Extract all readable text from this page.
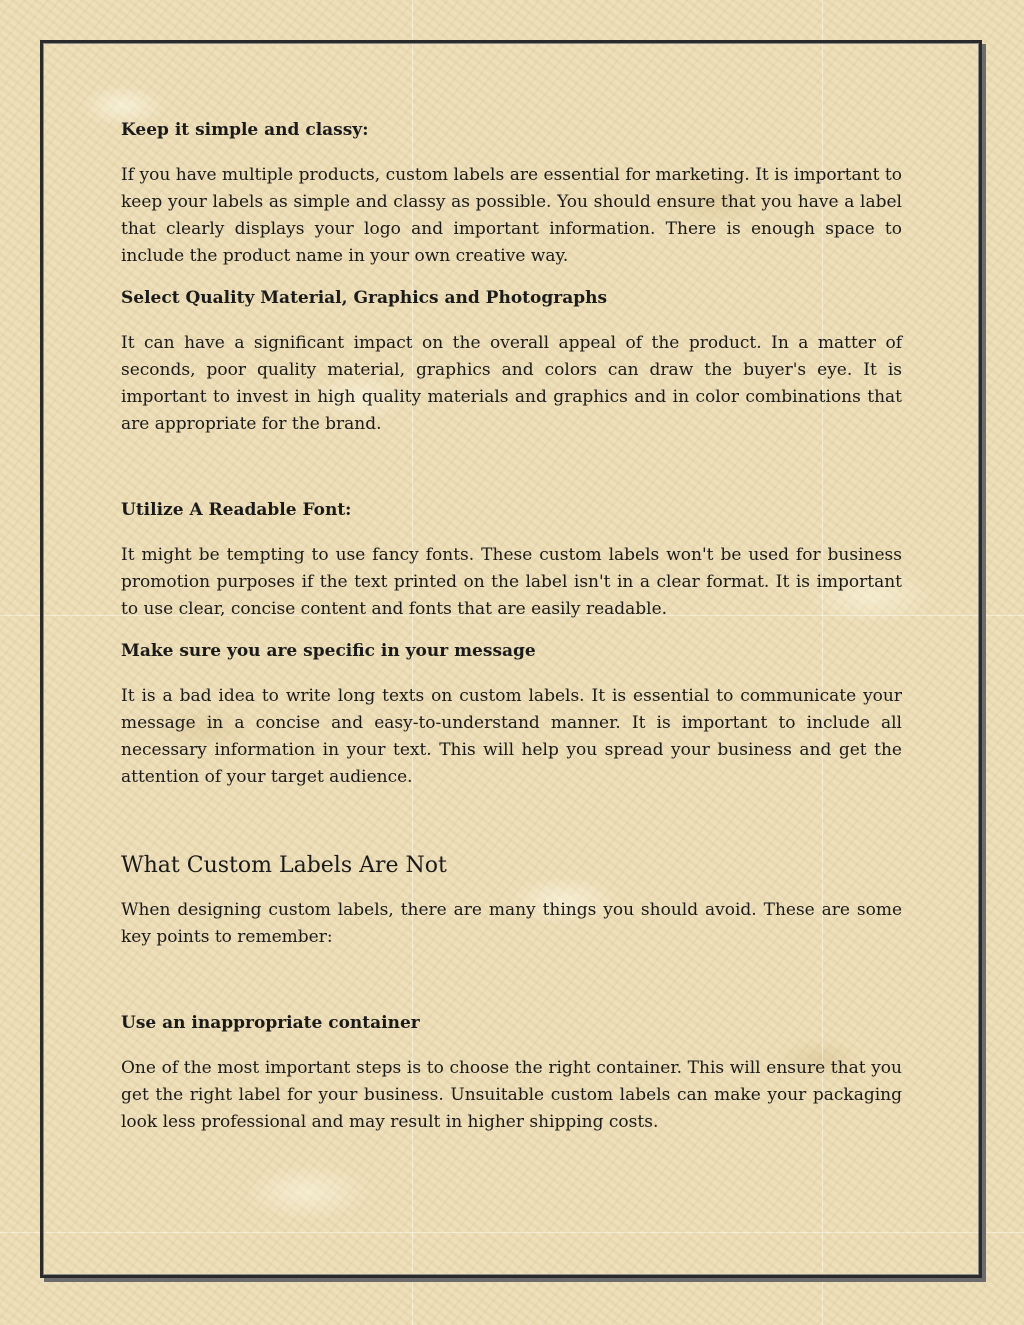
Keep it simple and classy:

If you have multiple products, custom labels are essential for marketing. It is important to keep your labels as simple and classy as possible. You should ensure that you have a label that clearly displays your logo and important information. There is enough space to include the product name in your own creative way.

Select Quality Material, Graphics and Photographs

It can have a significant impact on the overall appeal of the product. In a matter of seconds, poor quality material, graphics and colors can draw the buyer's eye. It is important to invest in high quality materials and graphics and in color combinations that are appropriate for the brand.

Utilize A Readable Font:

It might be tempting to use fancy fonts. These custom labels won't be used for business promotion purposes if the text printed on the label isn't in a clear format. It is important to use clear, concise content and fonts that are easily readable.

Make sure you are specific in your message

It is a bad idea to write long texts on custom labels. It is essential to communicate your message in a concise and easy-to-understand manner. It is important to include all necessary information in your text. This will help you spread your business and get the attention of your target audience.

What Custom Labels Are Not

When designing custom labels, there are many things you should avoid. These are some key points to remember:

Use an inappropriate container

One of the most important steps is to choose the right container. This will ensure that you get the right label for your business. Unsuitable custom labels can make your packaging look less professional and may result in higher shipping costs.
